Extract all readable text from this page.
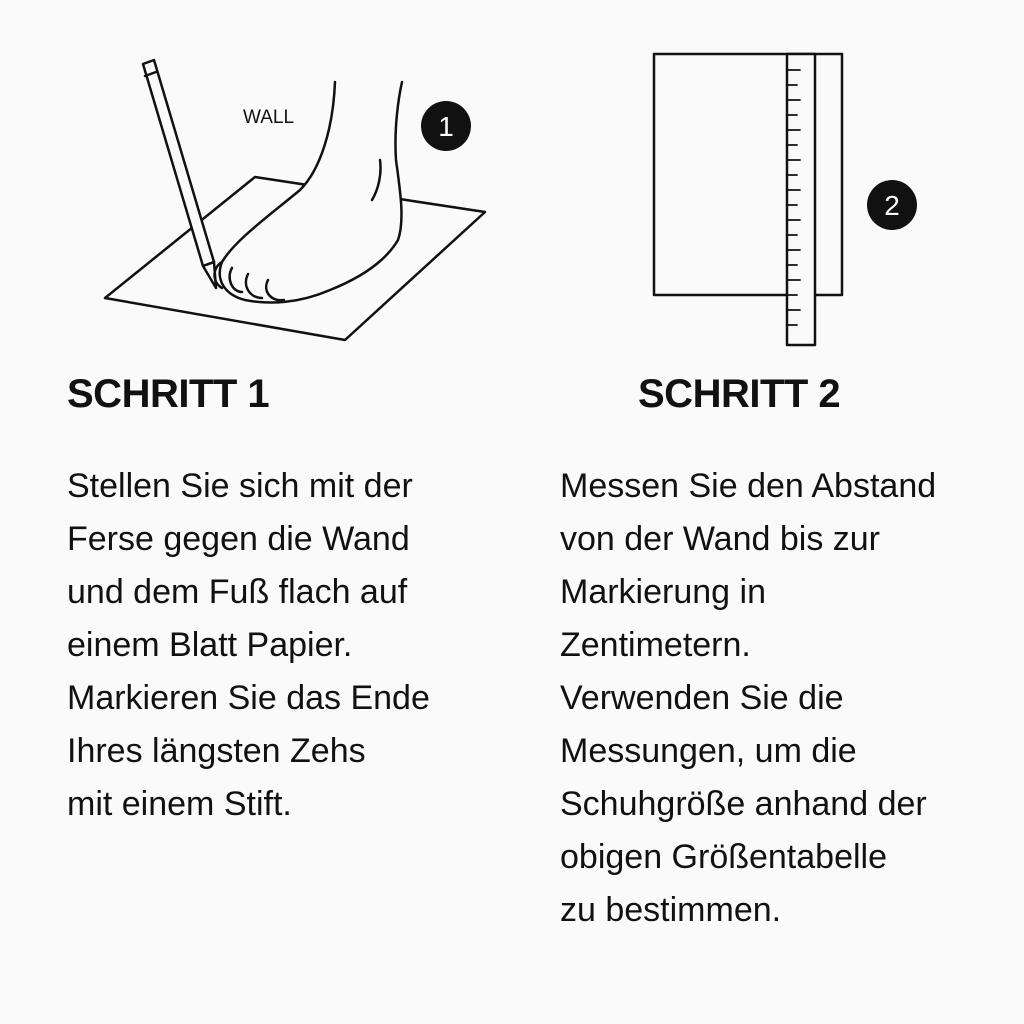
WALL	1
2
SCHRITT 1	SCHRITT 2
Stellen Sie sich mit der
Ferse gegen die Wand
und dem Fuß flach auf
einem Blatt Papier.
Markieren Sie das Ende
Ihres längsten Zehs
mit einem Stift.
Messen Sie den Abstand
von der Wand bis zur
Markierung in
Zentimetern.
Verwenden Sie die
Messungen, um die
Schuhgröße anhand der
obigen Größentabelle
zu bestimmen.
